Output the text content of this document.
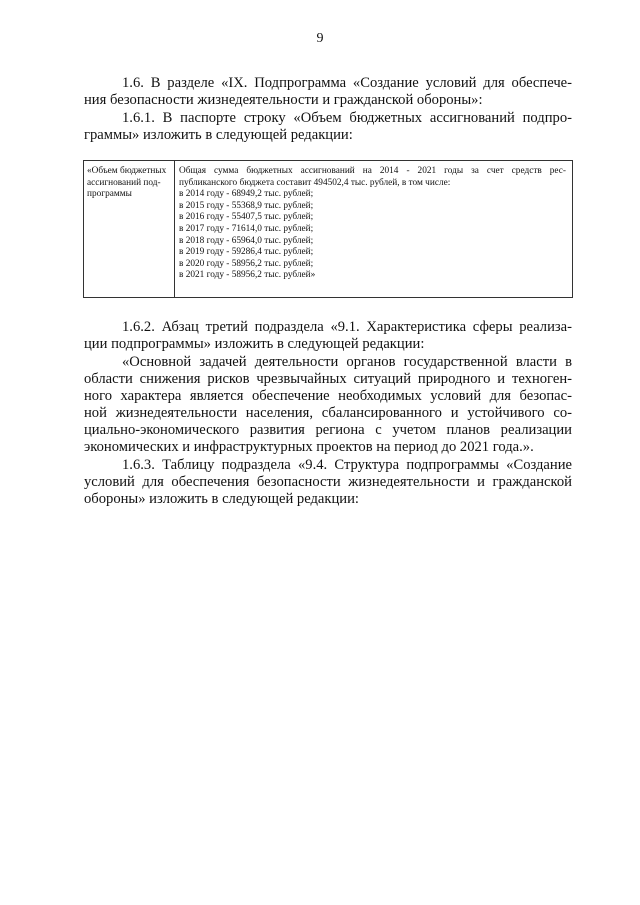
9
1.6. В разделе «IX. Подпрограмма «Создание условий для обеспече-
ния безопасности жизнедеятельности и гражданской обороны»:
1.6.1. В паспорте строку «Объем бюджетных ассигнований подпро-
граммы» изложить в следующей редакции:
«Объем бюджетных ассигнований под- программы
Общая сумма бюджетных ассигнований на 2014 - 2021 годы за счет средств рес-
публиканского бюджета составит 494502,4 тыс. рублей, в том числе:
в 2014 году - 68949,2 тыс. рублей;
в 2015 году - 55368,9 тыс. рублей;
в 2016 году - 55407,5 тыс. рублей;
в 2017 году - 71614,0 тыс. рублей;
в 2018 году - 65964,0 тыс. рублей;
в 2019 году - 59286,4 тыс. рублей;
в 2020 году - 58956,2 тыс. рублей;
в 2021 году - 58956,2 тыс. рублей»
1.6.2. Абзац третий подраздела «9.1. Характеристика сферы реализа-
ции подпрограммы» изложить в следующей редакции:
«Основной задачей деятельности органов государственной власти в
области снижения рисков чрезвычайных ситуаций природного и техноген-
ного характера является обеспечение необходимых условий для безопас-
ной жизнедеятельности населения, сбалансированного и устойчивого со-
циально-экономического развития региона с учетом планов реализации
экономических и инфраструктурных проектов на период до 2021 года.».
1.6.3. Таблицу подраздела «9.4. Структура подпрограммы «Создание
условий для обеспечения безопасности жизнедеятельности и гражданской
обороны» изложить в следующей редакции:
